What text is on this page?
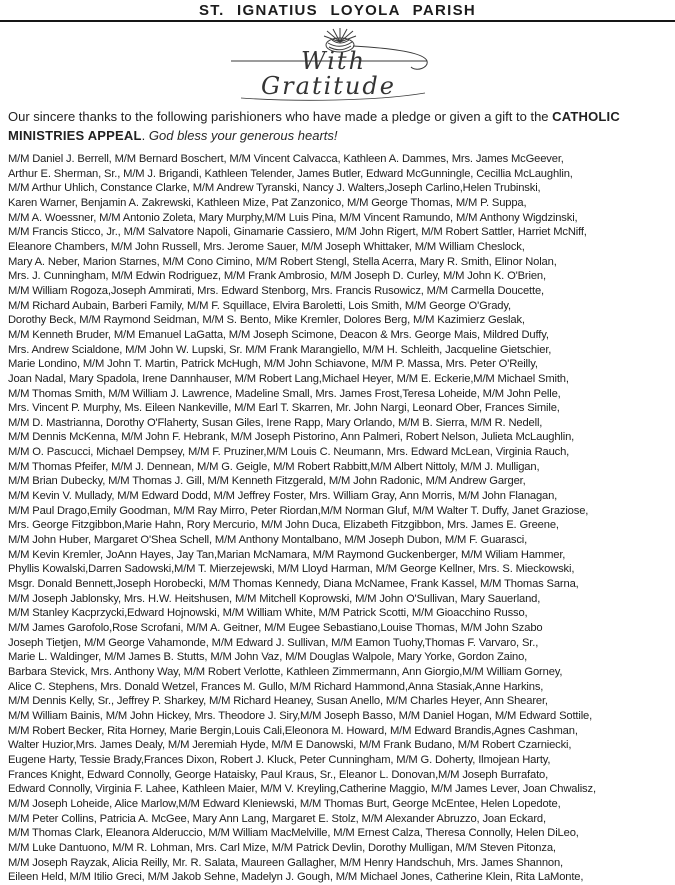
ST. IGNATIUS LOYOLA PARISH
With
Gratitude

Our sincere thanks to the following parishioners who have made a pledge or given a gift to the CATHOLIC
MINISTRIES APPEAL. God bless your generous hearts!

M/M Daniel J. Berrell, M/M Bernard Boschert, M/M Vincent Calvacca, Kathleen A. Dammes, Mrs. James McGeever,
Arthur E. Sherman, Sr., M/M J. Brigandi, Kathleen Telender, James Butler, Edward McGunningle, Cecillia McLaughlin,
M/M Arthur Uhlich, Constance Clarke, M/M Andrew Tyranski, Nancy J. Walters,Joseph Carlino,Helen Trubinski,
Karen Warner, Benjamin A. Zakrewski, Kathleen Mize, Pat Zanzonico, M/M George Thomas, M/M P. Suppa,
M/M A. Woessner, M/M Antonio Zoleta, Mary Murphy,M/M Luis Pina, M/M Vincent Ramundo, M/M Anthony Wigdzinski,
M/M Francis Sticco, Jr., M/M Salvatore Napoli, Ginamarie Cassiero, M/M John Rigert, M/M Robert Sattler, Harriet McNiff,
Eleanore Chambers, M/M John Russell, Mrs. Jerome Sauer, M/M Joseph Whittaker, M/M William Cheslock,
Mary A. Neber, Marion Starnes, M/M Cono Cimino, M/M Robert Stengl, Stella Acerra, Mary R. Smith, Elinor Nolan,
Mrs. J. Cunningham, M/M Edwin Rodriguez, M/M Frank Ambrosio, M/M Joseph D. Curley, M/M John K. O'Brien,
M/M William Rogoza,Joseph Ammirati, Mrs. Edward Stenborg, Mrs. Francis Rusowicz, M/M Carmella Doucette,
M/M Richard Aubain, Barberi Family, M/M F. Squillace, Elvira Baroletti, Lois Smith, M/M George O'Grady,
Dorothy Beck, M/M Raymond Seidman, M/M S. Bento, Mike Kremler, Dolores Berg, M/M Kazimierz Geslak,
M/M Kenneth Bruder, M/M Emanuel LaGatta, M/M Joseph Scimone, Deacon & Mrs. George Mais, Mildred Duffy,
Mrs. Andrew Scialdone, M/M John W. Lupski, Sr. M/M Frank Marangiello, M/M H. Schleith, Jacqueline Gietschier,
Marie Londino, M/M John T. Martin, Patrick McHugh, M/M John Schiavone, M/M P. Massa, Mrs. Peter O'Reilly,
Joan Nadal, Mary Spadola, Irene Dannhauser, M/M Robert Lang,Michael Heyer, M/M E. Eckerie,M/M Michael Smith,
M/M Thomas Smith, M/M William J. Lawrence, Madeline Small, Mrs. James Frost,Teresa Loheide, M/M John Pelle,
Mrs. Vincent P. Murphy, Ms. Eileen Nankeville, M/M Earl T. Skarren, Mr. John Nargi, Leonard Ober, Frances Simile,
M/M D. Mastrianna, Dorothy O'Flaherty, Susan Giles, Irene Rapp, Mary Orlando, M/M B. Sierra, M/M R. Nedell,
M/M Dennis McKenna, M/M John F. Hebrank, M/M Joseph Pistorino, Ann Palmeri, Robert Nelson, Julieta McLaughlin,
M/M O. Pascucci, Michael Dempsey, M/M F. Pruziner,M/M Louis C. Neumann, Mrs. Edward McLean, Virginia Rauch,
M/M Thomas Pfeifer, M/M J. Dennean, M/M G. Geigle, M/M Robert Rabbitt,M/M Albert Nittoly, M/M J. Mulligan,
M/M Brian Dubecky, M/M Thomas J. Gill, M/M Kenneth Fitzgerald, M/M John Radonic, M/M Andrew Garger,
M/M Kevin V. Mullady, M/M Edward Dodd, M/M Jeffrey Foster, Mrs. William Gray, Ann Morris, M/M John Flanagan,
M/M Paul Drago,Emily Goodman, M/M Ray Mirro, Peter Riordan,M/M Norman Gluf, M/M Walter T. Duffy, Janet Graziose,
Mrs. George Fitzgibbon,Marie Hahn, Rory Mercurio, M/M John Duca, Elizabeth Fitzgibbon, Mrs. James E. Greene,
M/M John Huber, Margaret O'Shea Schell, M/M Anthony Montalbano, M/M Joseph Dubon, M/M F. Guarasci,
M/M Kevin Kremler, JoAnn Hayes, Jay Tan,Marian McNamara, M/M Raymond Guckenberger, M/M Wiliam Hammer,
Phyllis Kowalski,Darren Sadowski,M/M T. Mierzejewski, M/M Lloyd Harman, M/M George Kellner, Mrs. S. Mieckowski,
Msgr. Donald Bennett,Joseph Horobecki, M/M Thomas Kennedy, Diana McNamee, Frank Kassel, M/M Thomas Sarna,
M/M Joseph Jablonsky, Mrs. H.W. Heitshusen, M/M Mitchell Koprowski, M/M John O'Sullivan, Mary Sauerland,
M/M Stanley Kacprzycki,Edward Hojnowski, M/M William White, M/M Patrick Scotti, M/M Gioacchino Russo,
M/M James Garofolo,Rose Scrofani, M/M A. Geitner, M/M Eugee Sebastiano,Louise Thomas, M/M John Szabo
Joseph Tietjen, M/M George Vahamonde, M/M Edward J. Sullivan, M/M Eamon Tuohy,Thomas F. Varvaro, Sr.,
Marie L. Waldinger, M/M James B. Stutts, M/M John Vaz, M/M Douglas Walpole, Mary Yorke, Gordon Zaino,
Barbara Stevick, Mrs. Anthony Way, M/M Robert Verlotte, Kathleen Zimmermann, Ann Giorgio,M/M William Gorney,
Alice C. Stephens, Mrs. Donald Wetzel, Frances M. Gullo, M/M Richard Hammond,Anna Stasiak,Anne Harkins,
M/M Dennis Kelly, Sr., Jeffrey P. Sharkey, M/M Richard Heaney, Susan Anello, M/M Charles Heyer, Ann Shearer,
M/M William Bainis, M/M John Hickey, Mrs. Theodore J. Siry,M/M Joseph Basso, M/M Daniel Hogan, M/M Edward Sottile,
M/M Robert Becker, Rita Horney, Marie Bergin,Louis Cali,Eleonora M. Howard, M/M Edward Brandis,Agnes Cashman,
Walter Huzior,Mrs. James Dealy, M/M Jeremiah Hyde, M/M E Danowski, M/M Frank Budano, M/M Robert Czarniecki,
Eugene Harty, Tessie Brady,Frances Dixon, Robert J. Kluck, Peter Cunningham, M/M G. Doherty, Ilmojean Harty,
Frances Knight, Edward Connolly, George Hataisky, Paul Kraus, Sr., Eleanor L. Donovan,M/M Joseph Burrafato,
Edward Connolly, Virginia F. Lahee, Kathleen Maier, M/M V. Kreyling,Catherine Maggio, M/M James Lever, Joan Chwalisz,
M/M Joseph Loheide, Alice Marlow,M/M Edward Kleniewski, M/M Thomas Burt, George McEntee, Helen Lopedote,
M/M Peter Collins, Patricia A. McGee, Mary Ann Lang, Margaret E. Stolz, M/M Alexander Abruzzo, Joan Eckard,
M/M Thomas Clark, Eleanora Alderuccio, M/M William MacMelville, M/M Ernest Calza, Theresa Connolly, Helen DiLeo,
M/M Luke Dantuono, M/M R. Lohman, Mrs. Carl Mize, M/M Patrick Devlin, Dorothy Mulligan, M/M Steven Pitonza,
M/M Joseph Rayzak, Alicia Reilly, Mr. R. Salata, Maureen Gallagher, M/M Henry Handschuh, Mrs. James Shannon,
Eileen Held, M/M Itilio Greci, M/M Jakob Sehne, Madelyn J. Gough, M/M Michael Jones, Catherine Klein, Rita LaMonte,
